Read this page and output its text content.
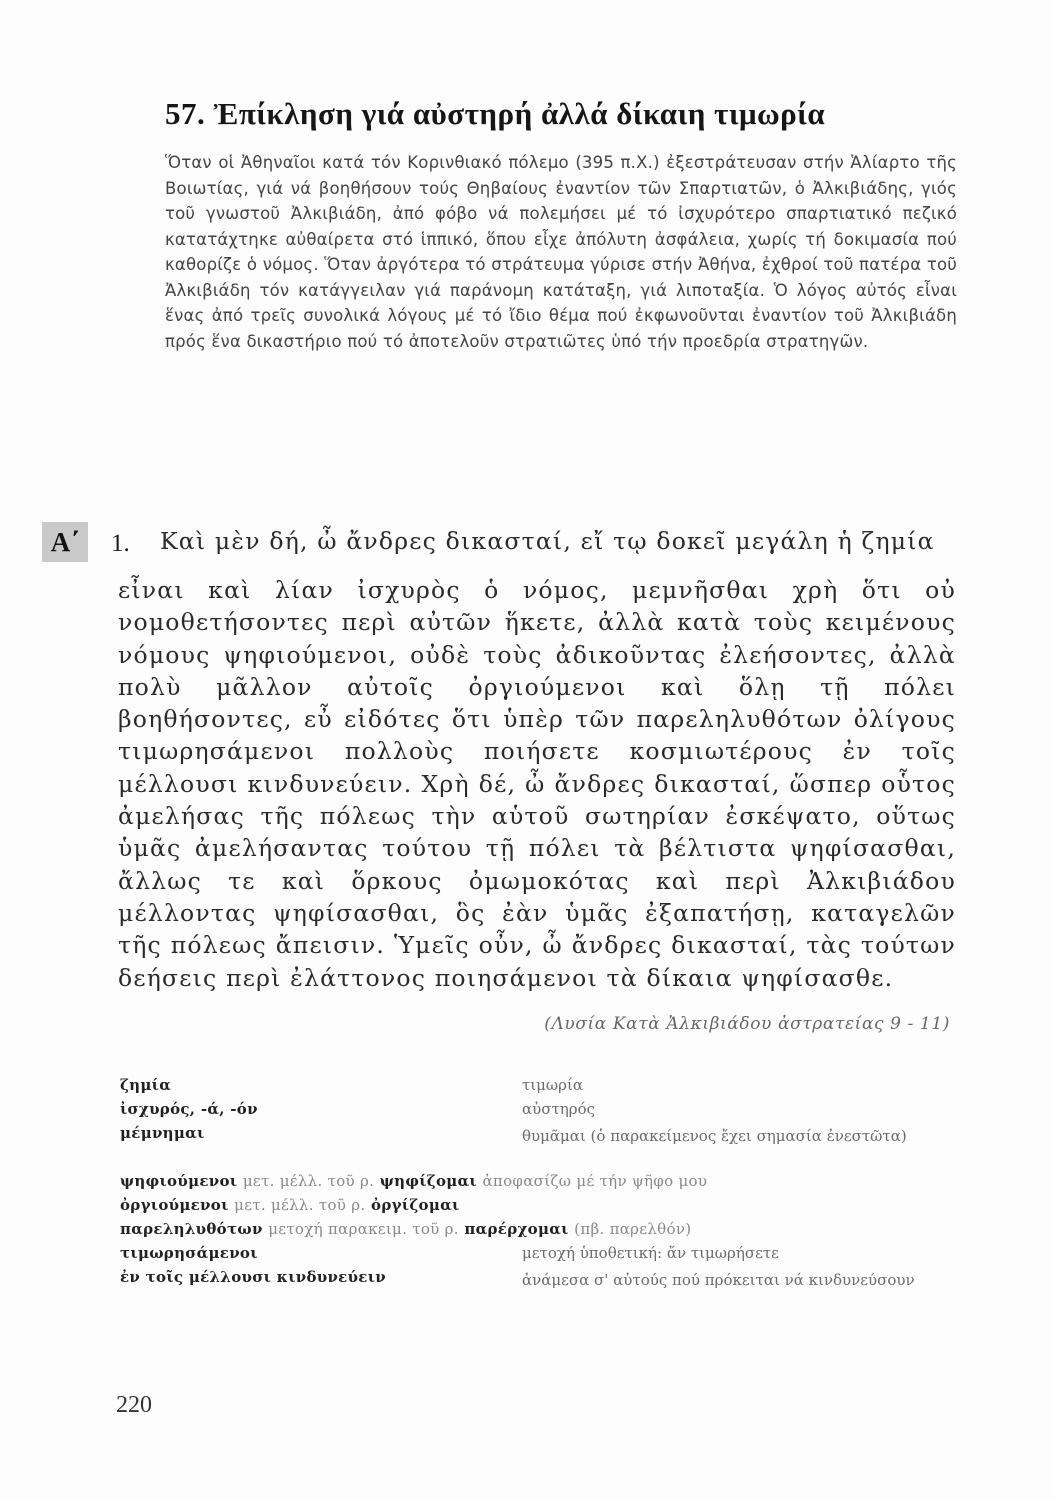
57. Ἐπίκληση γιά αὐστηρή ἀλλά δίκαιη τιμωρία
Ὅταν οἱ Ἀθηναῖοι κατά τόν Κορινθιακό πόλεμο (395 π.Χ.) ἐξεστράτευσαν στήν Ἁλίαρτο τῆς Βοιωτίας, γιά νά βοηθήσουν τούς Θηβαίους ἐναντίον τῶν Σπαρτιατῶν, ὁ Ἀλκιβιάδης, γιός τοῦ γνωστοῦ Ἀλκιβιάδη, ἀπό φόβο νά πολεμήσει μέ τό ἰσχυρότερο σπαρτιατικό πεζικό κατατάχτηκε αὐθαίρετα στό ἱππικό, ὅπου εἶχε ἀπόλυτη ἀσφάλεια, χωρίς τή δοκιμασία πού καθορίζε ὁ νόμος. Ὅταν ἀργότερα τό στράτευμα γύρισε στήν Ἀθήνα, ἐχθροί τοῦ πατέρα τοῦ Ἀλκιβιάδη τόν κατάγγειλαν γιά παράνομη κατάταξη, γιά λιποταξία. Ὁ λόγος αὐτός εἶναι ἕνας ἀπό τρεῖς συνολικά λόγους μέ τό ἴδιο θέμα πού ἐκφωνοῦνται ἐναντίον τοῦ Ἀλκιβιάδη πρός ἕνα δικαστήριο πού τό ἀποτελοῦν στρατιῶτες ὑπό τήν προεδρία στρατηγῶν.
Α΄	1. Καὶ μὲν δή, ὦ ἄνδρες δικασταί, εἴ τῳ δοκεῖ μεγάλη ἡ ζημία
εἶναι καὶ λίαν ἰσχυρὸς ὁ νόμος, μεμνῆσθαι χρὴ ὅτι οὐ νομοθετήσοντες περὶ αὐτῶν ἥκετε, ἀλλὰ κατὰ τοὺς κειμένους νόμους ψηφιούμενοι, οὐδὲ τοὺς ἀδικοῦντας ἐλεήσοντες, ἀλλὰ πολὺ μᾶλλον αὐτοῖς ὀργιούμενοι καὶ ὅλῃ τῇ πόλει βοηθήσοντες, εὖ εἰδότες ὅτι ὑπὲρ τῶν παρεληλυθότων ὀλίγους τιμωρησάμενοι πολλοὺς ποιήσετε κοσμιωτέρους ἐν τοῖς μέλλουσι κινδυνεύειν. Χρὴ δέ, ὦ ἄνδρες δικασταί, ὥσπερ οὗτος ἀμελήσας τῆς πόλεως τὴν αὑτοῦ σωτηρίαν ἐσκέψατο, οὕτως ὑμᾶς ἀμελήσαντας τούτου τῇ πόλει τὰ βέλτιστα ψηφίσασθαι, ἄλλως τε καὶ ὅρκους ὀμωμοκότας καὶ περὶ Ἀλκιβιάδου μέλλοντας ψηφίσασθαι, ὃς ἐὰν ὑμᾶς ἐξαπατήσῃ, καταγελῶν τῆς πόλεως ἄπεισιν. Ὑμεῖς οὖν, ὦ ἄνδρες δικασταί, τὰς τούτων δεήσεις περὶ ἐλάττονος ποιησάμενοι τὰ δίκαια ψηφίσασθε.
(Λυσία Κατὰ Ἀλκιβιάδου ἀστρατείας 9 - 11)
ζημία	τιμωρία
ἰσχυρός, -ά, -όν	αὐστηρός
μέμνημαι	θυμᾶμαι (ὁ παρακείμενος ἔχει σημασία ἐνεστῶτα)
ψηφιούμενοι μετ. μέλλ. τοῦ ρ. ψηφίζομαι ἀποφασίζω μέ τήν ψῆφο μου
ὀργιούμενοι μετ. μέλλ. τοῦ ρ. ὀργίζομαι
παρεληλυθότων μετοχή παρακειμ. τοῦ ρ. παρέρχομαι (πβ. παρελθόν)
τιμωρησάμενοι	μετοχή ὑποθετική: ἄν τιμωρήσετε
ἐν τοῖς μέλλουσι κινδυνεύειν	ἀνάμεσα σ' αὐτούς πού πρόκειται νά κινδυνεύσουν
220
